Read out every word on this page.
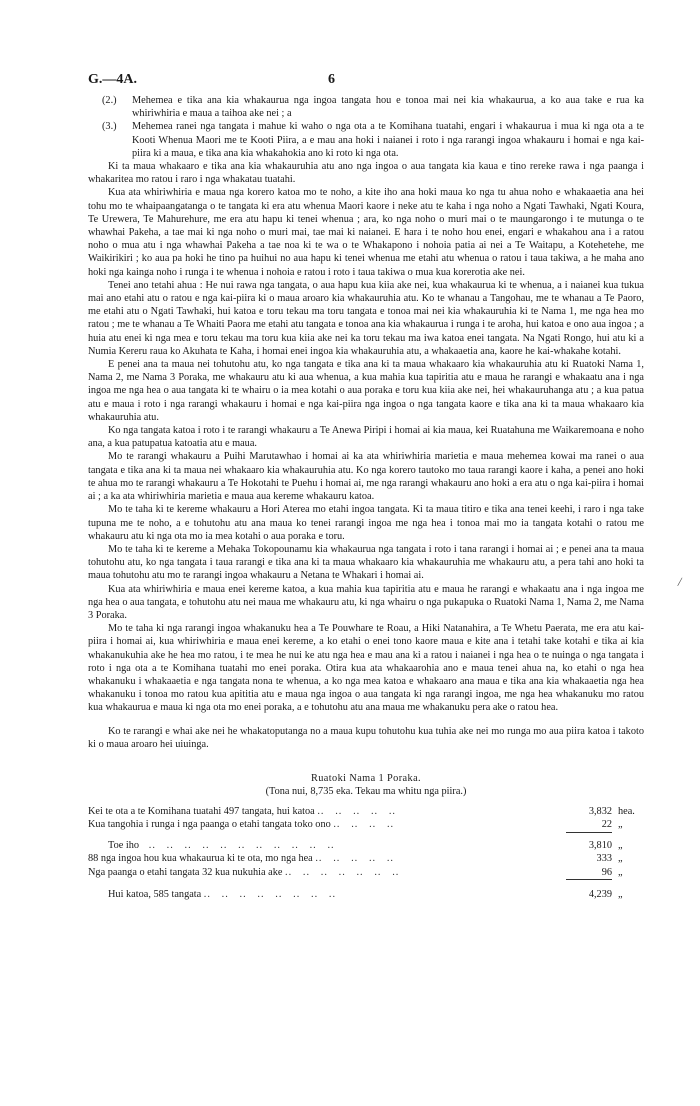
G.—4A.	6
(2.)	Mehemea e tika ana kia whakaurua nga ingoa tangata hou e tonoa mai nei kia whakaurua, a ko aua take e rua ka whiriwhiria e maua a taihoa ake nei ; a
(3.)	Mehemea ranei nga tangata i mahue ki waho o nga ota a te Komihana tuatahi, engari i whakaurua i mua ki nga ota a te Kooti Whenua Maori me te Kooti Piira, a e mau ana hoki i naianei i roto i nga rarangi ingoa whakauru i homai e nga kai-piira ki a maua, e tika ana kia whakahokia ano ki roto ki nga ota.

Ki ta maua whakaaro e tika ana kia whakauruhia atu ano nga ingoa o aua tangata kia kaua e tino rereke rawa i nga paanga i whakaritea mo ratou i raro i nga whakatau tuatahi.

Kua ata whiriwhiria e maua nga korero katoa mo te noho, a kite iho ana hoki maua ko nga tu ahua noho e whakaaetia ana hei tohu mo te whaipaangatanga o te tangata ki era atu whenua Maori kaore i neke atu te kaha i nga noho a Ngati Tawhaki, Ngati Koura, Te Urewera, Te Mahurehure, me era atu hapu ki tenei whenua ; ara, ko nga noho o muri mai o te maungarongo i te mutunga o te whawhai Pakeha, a tae mai ki nga noho o muri mai, tae mai ki naianei. E hara i te noho hou enei, engari e whakahou ana i a ratou noho o mua atu i nga whawhai Pakeha a tae noa ki te wa o te Whakapono i nohoia patia ai nei a Te Waitapu, a Kotehetehe, me Waikirikiri ; ko aua pa hoki he tino pa huihui no aua hapu ki tenei whenua me etahi atu whenua o ratou i taua takiwa, a he maha ano hoki nga kainga noho i runga i te whenua i nohoia e ratou i roto i taua takiwa o mua kua korerotia ake nei.

Tenei ano tetahi ahua : He nui rawa nga tangata, o aua hapu kua kiia ake nei, kua whakaurua ki te whenua, a i naianei kua tukua mai ano etahi atu o ratou e nga kai-piira ki o maua aroaro kia whakauruhia atu. Ko te whanau a Tangohau, me te whanau a Te Paoro, me etahi atu o Ngati Tawhaki, hui katoa e toru tekau ma toru tangata e tonoa mai nei kia whakauruhia ki te Nama 1, me nga hea mo ratou ; me te whanau a Te Whaiti Paora me etahi atu tangata e tonoa ana kia whakaurua i runga i te aroha, hui katoa e ono aua ingoa ; a huia atu enei ki nga mea e toru tekau ma toru kua kiia ake nei ka toru tekau ma iwa katoa enei tangata. Na Ngati Rongo, hui atu ki a Numia Kereru raua ko Akuhata te Kaha, i homai enei ingoa kia whakauruhia atu, a whakaaetia ana, kaore he kai-whakahe kotahi.

E penei ana ta maua nei tohutohu atu, ko nga tangata e tika ana ki ta maua whakaaro kia whakauruhia atu ki Ruatoki Nama 1, Nama 2, me Nama 3 Poraka, me whakauru atu ki aua whenua, a kua mahia kua tapiritia atu e maua he rarangi e whakaatu ana i nga ingoa me nga hea o aua tangata ki te whairu o ia mea kotahi o aua poraka e toru kua kiia ake nei, hei whakauruhanga atu ; a kua patua atu e maua i roto i nga rarangi whakauru i homai e nga kai-piira nga ingoa o nga tangata kaore e tika ana ki ta maua whakaaro kia whakauruhia atu.

Ko nga tangata katoa i roto i te rarangi whakauru a Te Anewa Piripi i homai ai kia maua, kei Ruatahuna me Waikaremoana e noho ana, a kua patupatua katoatia atu e maua.

Mo te rarangi whakauru a Puihi Marutawhao i homai ai ka ata whiriwhiria marietia e maua mehemea kowai ma ranei o aua tangata e tika ana ki ta maua nei whakaaro kia whakauruhia atu. Ko nga korero tautoko mo taua rarangi kaore i kaha, a penei ano hoki te ahua mo te rarangi whakauru a Te Hokotahi te Puehu i homai ai, me nga rarangi whakauru ano hoki a era atu o nga kai-piira i homai ai ; a ka ata whiriwhiria marietia e maua aua kereme whakauru katoa.

Mo te taha ki te kereme whakauru a Hori Aterea mo etahi ingoa tangata. Ki ta maua titiro e tika ana tenei keehi, i raro i nga take tupuna me te noho, a e tohutohu atu ana maua ko tenei rarangi ingoa me nga hea i tonoa mai mo ia tangata kotahi o ratou me whakauru atu ki nga ota mo ia mea kotahi o aua poraka e toru.

Mo te taha ki te kereme a Mehaka Tokopounamu kia whakaurua nga tangata i roto i tana rarangi i homai ai ; e penei ana ta maua tohutohu atu, ko nga tangata i taua rarangi e tika ana ki ta maua whakaaro kia whakauruhia me whakauru atu, a pera tahi ano hoki ta maua tohutohu atu mo te rarangi ingoa whakauru a Netana te Whakari i homai ai.

Kua ata whiriwhiria e maua enei kereme katoa, a kua mahia kua tapiritia atu e maua he rarangi e whakaatu ana i nga ingoa me nga hea o aua tangata, e tohutohu atu nei maua me whakauru atu, ki nga whairu o nga pukapuka o Ruatoki Nama 1, Nama 2, me Nama 3 Poraka.

Mo te taha ki nga rarangi ingoa whakanuku hea a Te Pouwhare te Roau, a Hiki Natanahira, a Te Whetu Paerata, me era atu kai-piira i homai ai, kua whiriwhiria e maua enei kereme, a ko etahi o enei tono kaore maua e kite ana i tetahi take kotahi e tika ai kia whakanukuhia ake he hea mo ratou, i te mea he nui ke atu nga hea e mau ana ki a ratou i naianei i nga hea o te nuinga o nga tangata i roto i nga ota a te Komihana tuatahi mo enei poraka. Otira kua ata whakaarohia ano e maua tenei ahua na, ko etahi o nga hea whakanuku i whakaaetia e nga tangata nona te whenua, a ko nga mea katoa e whakaaro ana maua e tika ana kia whakaaetia nga hea whakanuku i tonoa mo ratou kua apititia atu e maua nga ingoa o aua tangata ki nga rarangi ingoa, me nga hea whakanuku mo ratou kua whakaurua e maua ki nga ota mo enei poraka, a e tohutohu atu ana maua me whakanuku pera ake o ratou hea.

Ko te rarangi e whai ake nei he whakatoputanga no a maua kupu tohutohu kua tuhia ake nei mo runga mo aua piira katoa i takoto ki o maua aroaro hei uiuinga.

Ruatoki Nama 1 Poraka.
(Tona nui, 8,735 eka. Tekau ma whitu nga piira.)
Kei te ota a te Komihana tuatahi 497 tangata, hui katoa ..   ..   ..   ..   ..	3,832 hea.
Kua tangohia i runga i nga paanga o etahi tangata toko ono ..   ..   ..   ..	22 „
Toe iho   ..   ..   ..   ..   ..   ..   ..   ..   ..   ..   ..	3,810 „
88 nga ingoa hou kua whakaurua ki te ota, mo nga hea ..   ..   ..   ..   ..	333 „
Nga paanga o etahi tangata 32 kua nukuhia ake ..   ..   ..   ..   ..   ..   ..	96 „
Hui katoa, 585 tangata ..   ..   ..   ..   ..   ..   ..   ..	4,239 „
/
